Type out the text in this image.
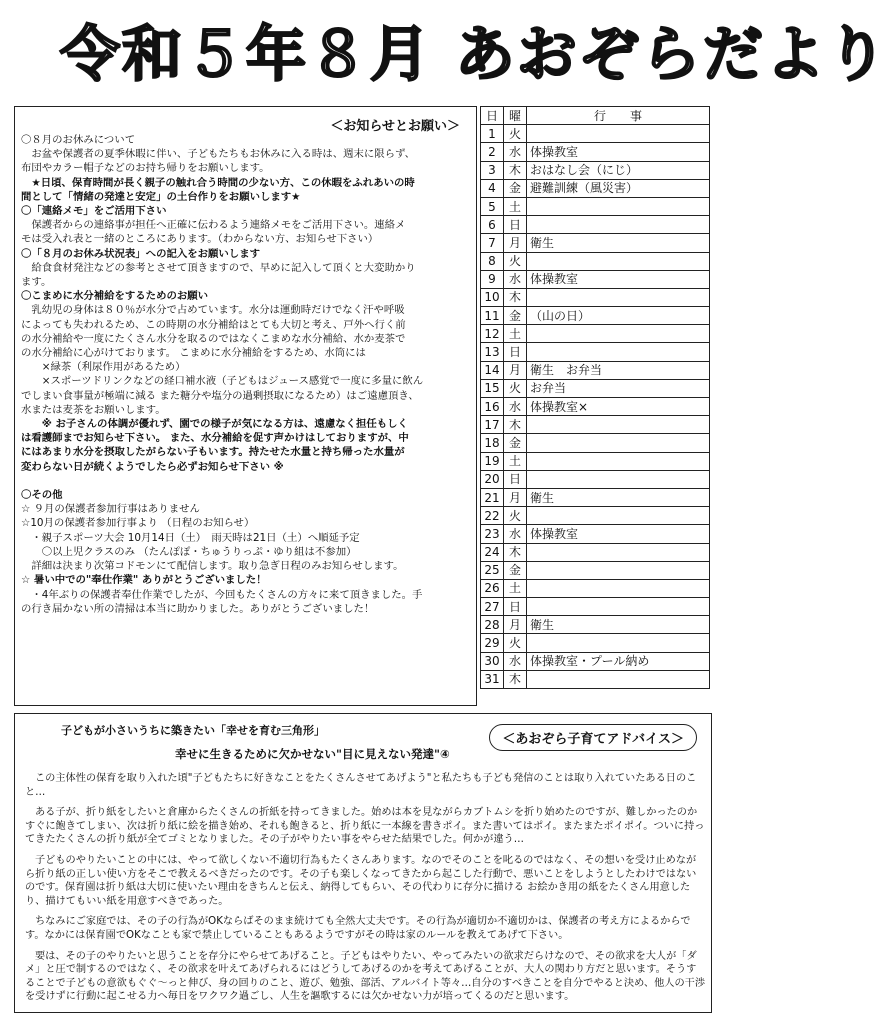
令和５年８月 あおぞらだより
＜お知らせとお願い＞

〇８月のお休みについて

　お盆や保護者の夏季休暇に伴い、子どもたちもお休みに入る時は、週末に限らず、

布団やカラー帽子などのお持ち帰りをお願いします。

　★日頃、保育時間が長く親子の触れ合う時間の少ない方、この休暇をふれあいの時

間として「情緒の発達と安定」の土台作りをお願いします★

〇「連絡メモ」をご活用下さい

　保護者からの連絡事が担任へ正確に伝わるよう連絡メモをご活用下さい。連絡メ

モは受入れ表と一緒のところにあります。（わからない方、お知らせ下さい）

〇「８月のお休み状況表」への記入をお願いします

　給食食材発注などの参考とさせて頂きますので、早めに記入して頂くと大変助かり

ます。

〇こまめに水分補給をするためのお願い

　乳幼児の身体は８０％が水分で占めています。水分は運動時だけでなく汗や呼吸

によっても失われるため、この時期の水分補給はとても大切と考え、戸外へ行く前

の水分補給や一度にたくさん水分を取るのではなくこまめな水分補給、水か麦茶で

の水分補給に心がけております。 こまめに水分補給をするため、水筒には

　　×緑茶（利尿作用があるため）

　　×スポーツドリンクなどの経口補水液（子どもはジュース感覚で一度に多量に飲ん

でしまい食事量が極端に減る また糖分や塩分の過剰摂取になるため）はご遠慮頂き、

水または麦茶をお願いします。

　　※ お子さんの体調が優れず、園での様子が気になる方は、遠慮なく担任もしく

は看護師までお知らせ下さい。 また、水分補給を促す声かけはしておりますが、中

にはあまり水分を摂取したがらない子もいます。持たせた水量と持ち帰った水量が

変わらない日が続くようでしたら必ずお知らせ下さい ※

〇その他

☆ ９月の保護者参加行事はありません

☆10月の保護者参加行事より （日程のお知らせ）

　・親子スポーツ大会 10月14日（土）　雨天時は21日（土）へ順延予定

　　〇以上児クラスのみ （たんぽぽ・ちゅうりっぷ・ゆり組は不参加）

　詳細は決まり次第コドモンにて配信します。取り急ぎ日程のみお知らせします。

☆ 暑い中での"奉仕作業" ありがとうございました！

　・4年ぶりの保護者奉仕作業でしたが、今回もたくさんの方々に来て頂きました。手

の行き届かない所の清掃は本当に助かりました。ありがとうございました！

日	曜	行　　事
1	火	
2	水	体操教室
3	木	おはなし会（にじ）
4	金	避難訓練（風災害）
5	土	
6	日	
7	月	衛生
8	火	
9	水	体操教室
10	木	
11	金	（山の日）
12	土	
13	日	
14	月	衛生　お弁当
15	火	お弁当
16	水	体操教室×
17	木	
18	金	
19	土	
20	日	
21	月	衛生
22	火	
23	水	体操教室
24	木	
25	金	
26	土	
27	日	
28	月	衛生
29	火	
30	水	体操教室・プール納め
31	木	
子どもが小さいうちに築きたい「幸せを育む三角形」
幸せに生きるために欠かせない"目に見えない発達"④
＜あおぞら子育てアドバイス＞

この主体性の保育を取り入れた頃"子どもたちに好きなことをたくさんさせてあげよう"と私たちも子ども発信のことは取り入れていたある日のこと…

ある子が、折り紙をしたいと倉庫からたくさんの折紙を持ってきました。始めは本を見ながらカブトムシを折り始めたのですが、難しかったのかすぐに飽きてしまい、次は折り紙に絵を描き始め、それも飽きると、折り紙に一本線を書きポイ。また書いてはポイ。またまたポイポイ。ついに持ってきたたくさんの折り紙が全てゴミとなりました。その子がやりたい事をやらせた結果でした。何かが違う…

子どものやりたいことの中には、やって欲しくない不適切行為もたくさんあります。なのでそのことを叱るのではなく、その想いを受け止めながら折り紙の正しい使い方をそこで教えるべきだったのです。その子も楽しくなってきたから起こした行動で、悪いことをしようとしたわけではないのです。保育園は折り紙は大切に使いたい理由をきちんと伝え、納得してもらい、その代わりに存分に描ける お絵かき用の紙をたくさん用意したり、描けてもいい紙を用意すべきであった。

ちなみにご家庭では、その子の行為がOKならばそのまま続けても全然大丈夫です。その行為が適切か不適切かは、保護者の考え方によるからです。なかには保育園でOKなことも家で禁止していることもあるようですがその時は家のルールを教えてあげて下さい。

要は、その子のやりたいと思うことを存分にやらせてあげること。子どもはやりたい、やってみたいの欲求だらけなので、その欲求を大人が「ダメ」と圧で制するのではなく、その欲求を叶えてあげられるにはどうしてあげるのかを考えてあげることが、大人の関わり方だと思います。そうすることで子どもの意欲もぐぐ〜っと伸び、身の回りのこと、遊び、勉強、部活、アルバイト等々…自分のすべきことを自分でやると決め、他人の干渉を受けずに行動に起こせる力へ毎日をワクワク過ごし、人生を謳歌するには欠かせない力が培ってくるのだと思います。
